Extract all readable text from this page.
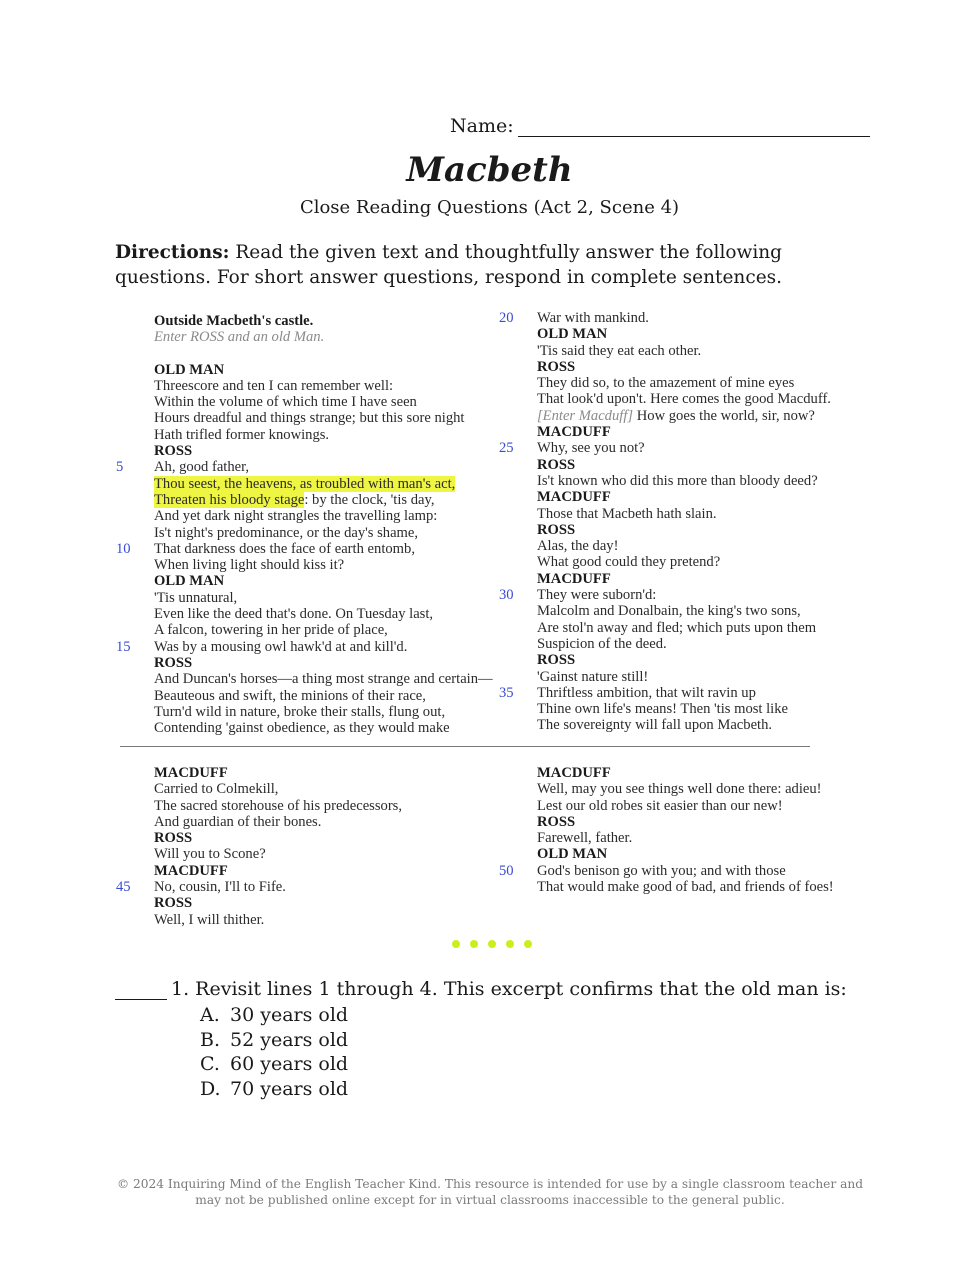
Name:
Macbeth
Close Reading Questions (Act 2, Scene 4)
Directions: Read the given text and thoughtfully answer the following questions. For short answer questions, respond in complete sentences.
Outside Macbeth's castle.
Enter ROSS and an old Man.
OLD MAN
Threescore and ten I can remember well:
Within the volume of which time I have seen
Hours dreadful and things strange; but this sore night
Hath trifled former knowings.
ROSS
5	Ah, good father,
Thou seest, the heavens, as troubled with man's act,
Threaten his bloody stage: by the clock, 'tis day,
And yet dark night strangles the travelling lamp:
Is't night's predominance, or the day's shame,
10	That darkness does the face of earth entomb,
When living light should kiss it?
OLD MAN
'Tis unnatural,
Even like the deed that's done. On Tuesday last,
A falcon, towering in her pride of place,
15	Was by a mousing owl hawk'd at and kill'd.
ROSS
And Duncan's horses—a thing most strange and certain—
Beauteous and swift, the minions of their race,
Turn'd wild in nature, broke their stalls, flung out,
Contending 'gainst obedience, as they would make
20	War with mankind.
OLD MAN
'Tis said they eat each other.
ROSS
They did so, to the amazement of mine eyes
That look'd upon't. Here comes the good Macduff.
[Enter Macduff] How goes the world, sir, now?
MACDUFF
25	Why, see you not?
ROSS
Is't known who did this more than bloody deed?
MACDUFF
Those that Macbeth hath slain.
ROSS
Alas, the day!
What good could they pretend?
MACDUFF
30	They were suborn'd:
Malcolm and Donalbain, the king's two sons,
Are stol'n away and fled; which puts upon them
Suspicion of the deed.
ROSS
'Gainst nature still!
35	Thriftless ambition, that wilt ravin up
Thine own life's means! Then 'tis most like
The sovereignty will fall upon Macbeth.
MACDUFF
Carried to Colmekill,
The sacred storehouse of his predecessors,
And guardian of their bones.
ROSS
Will you to Scone?
MACDUFF
45	No, cousin, I'll to Fife.
ROSS
Well, I will thither.
MACDUFF
Well, may you see things well done there: adieu!
Lest our old robes sit easier than our new!
ROSS
Farewell, father.
OLD MAN
50	God's benison go with you; and with those
That would make good of bad, and friends of foes!
1. Revisit lines 1 through 4. This excerpt confirms that the old man is:
A. 30 years old
B. 52 years old
C. 60 years old
D. 70 years old
© 2024 Inquiring Mind of the English Teacher Kind. This resource is intended for use by a single classroom teacher and may not be published online except for in virtual classrooms inaccessible to the general public.
